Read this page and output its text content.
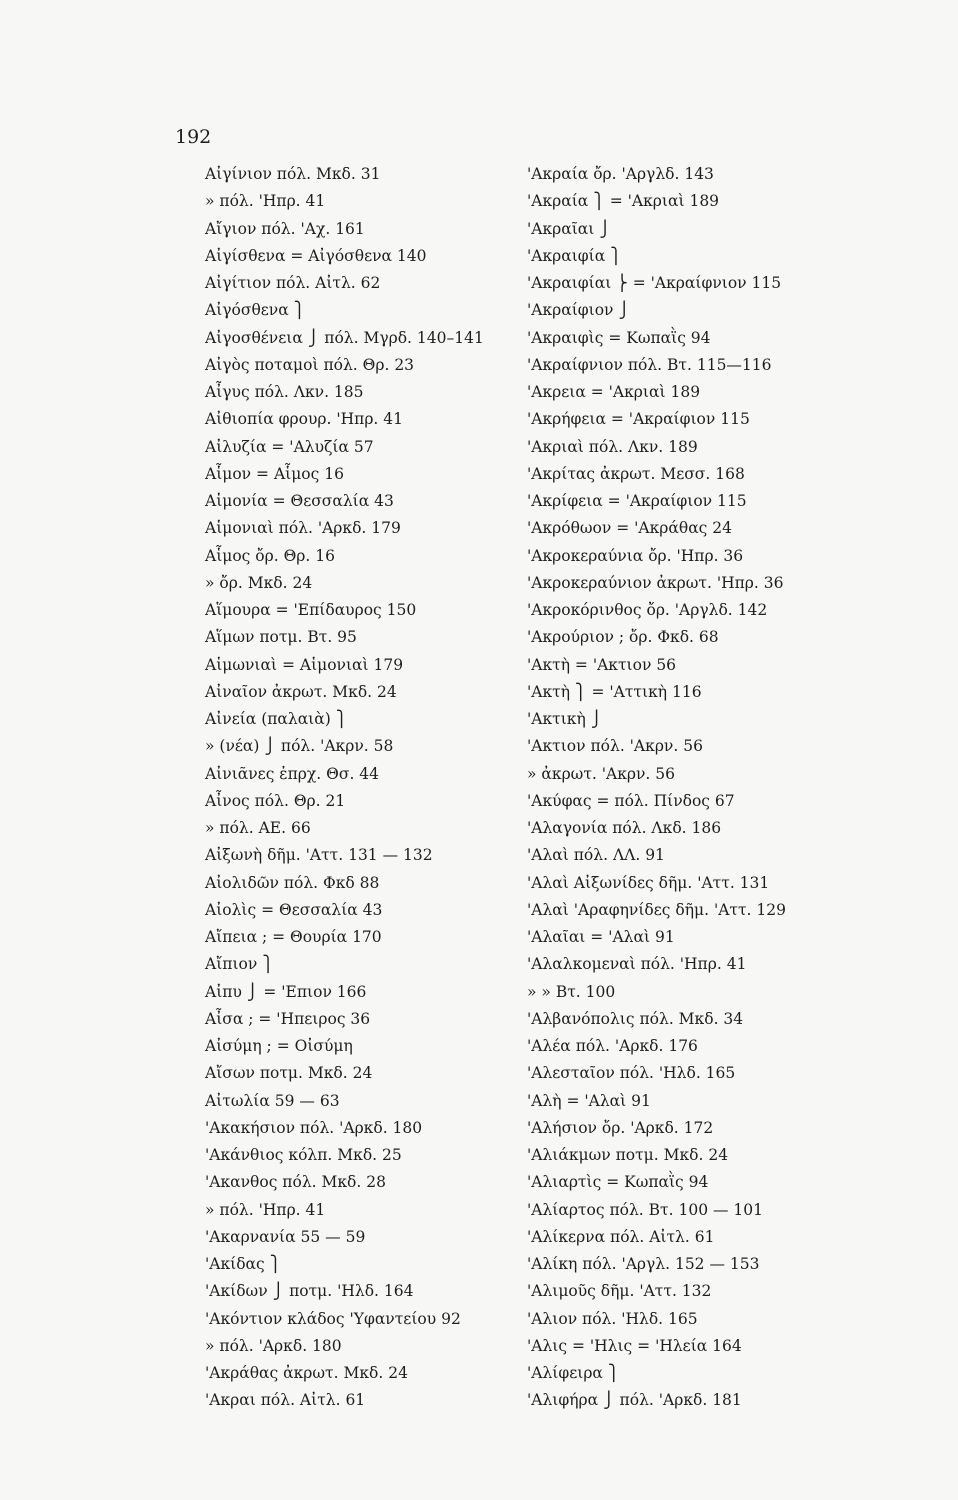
192
Αἰγίνιον πόλ. Μκδ. 31
» πόλ. 'Ηπρ. 41
Αἴγιον πόλ. 'Αχ. 161
Αἰγίσθενα = Αἰγόσθενα 140
Αἰγίτιον πόλ. Αἰτλ. 62
Αἰγόσθενα ⎫
Αἰγοσθένεια ⎭ πόλ. Μγρδ. 140–141
Αἰγὸς ποταμοὶ πόλ. Θρ. 23
Αἶγυς πόλ. Λκν. 185
Αἰθιοπία φρουρ. 'Ηπρ. 41
Αἰλυζία = 'Αλυζία 57
Αἷμον = Αἷμος 16
Αἱμονία = Θεσσαλία 43
Αἱμονιαὶ πόλ. 'Αρκδ. 179
Αἷμος ὄρ. Θρ. 16
» ὄρ. Μκδ. 24
Αἵμουρα = 'Επίδαυρος 150
Αἵμων ποτμ. Βτ. 95
Αἱμωνιαὶ = Αἱμονιαὶ 179
Αἰναῖον ἀκρωτ. Μκδ. 24
Αἰνεία (παλαιὰ) ⎫
» (νέα) ⎭ πόλ. 'Ακρν. 58
Αἰνιᾶνες ἐπρχ. Θσ. 44
Αἶνος πόλ. Θρ. 21
» πόλ. ΑΕ. 66
Αἰξωνὴ δῆμ. 'Αττ. 131 — 132
Αἰολιδῶν πόλ. Φκδ 88
Αἰολὶς = Θεσσαλία 43
Αἴπεια ; = Θουρία 170
Αἴπιον ⎫
Αἰπυ ⎭ = 'Επιον 166
Αἶσα ; = 'Ηπειρος 36
Αἰσύμη ; = Οἰσύμη
Αἴσων ποτμ. Μκδ. 24
Αἰτωλία 59 — 63
'Ακακήσιον πόλ. 'Αρκδ. 180
'Ακάνθιος κόλπ. Μκδ. 25
'Ακανθος πόλ. Μκδ. 28
» πόλ. 'Ηπρ. 41
'Ακαρνανία 55 — 59
'Ακίδας ⎫
'Ακίδων ⎭ ποτμ. 'Ηλδ. 164
'Ακόντιον κλάδος 'Υφαντείου 92
» πόλ. 'Αρκδ. 180
'Ακράθας ἀκρωτ. Μκδ. 24
'Ακραι πόλ. Αἰτλ. 61
'Ακραία ὄρ. 'Αργλδ. 143
'Ακραία ⎫ = 'Ακριαὶ 189
'Ακραῖαι ⎭
'Ακραιφία ⎫
'Ακραιφίαι ⎬ = 'Ακραίφνιον 115
'Ακραίφιον ⎭
'Ακραιφὶς = Κωπαῒς 94
'Ακραίφνιον πόλ. Βτ. 115—116
'Ακρεια = 'Ακριαὶ 189
'Ακρήφεια = 'Ακραίφιον 115
'Ακριαὶ πόλ. Λκν. 189
'Ακρίτας ἀκρωτ. Μεσσ. 168
'Ακρίφεια = 'Ακραίφιον 115
'Ακρόθωον = 'Ακράθας 24
'Ακροκεραύνια ὄρ. 'Ηπρ. 36
'Ακροκεραύνιον ἀκρωτ. 'Ηπρ. 36
'Ακροκόρινθος ὄρ. 'Αργλδ. 142
'Ακρούριον ; ὄρ. Φκδ. 68
'Ακτὴ = 'Ακτιον 56
'Ακτὴ ⎫ = 'Αττικὴ 116
'Ακτικὴ ⎭
'Ακτιον πόλ. 'Ακρν. 56
» ἀκρωτ. 'Ακρν. 56
'Ακύφας = πόλ. Πίνδος 67
'Αλαγονία πόλ. Λκδ. 186
'Αλαὶ πόλ. ΛΛ. 91
'Αλαὶ Αἰξωνίδες δῆμ. 'Αττ. 131
'Αλαὶ 'Αραφηνίδες δῆμ. 'Αττ. 129
'Αλαῖαι = 'Αλαὶ 91
'Αλαλκομεναὶ πόλ. 'Ηπρ. 41
» » Βτ. 100
'Αλβανόπολις πόλ. Μκδ. 34
'Αλέα πόλ. 'Αρκδ. 176
'Αλεσταῖον πόλ. 'Ηλδ. 165
'Αλὴ = 'Αλαὶ 91
'Αλήσιον ὄρ. 'Αρκδ. 172
'Αλιάκμων ποτμ. Μκδ. 24
'Αλιαρτὶς = Κωπαῒς 94
'Αλίαρτος πόλ. Βτ. 100 — 101
'Αλίκερνα πόλ. Αἰτλ. 61
'Αλίκη πόλ. 'Αργλ. 152 — 153
'Αλιμοῦς δῆμ. 'Αττ. 132
'Αλιον πόλ. 'Ηλδ. 165
'Αλις = 'Ηλις = 'Ηλεία 164
'Αλίφειρα ⎫
'Αλιφήρα ⎭ πόλ. 'Αρκδ. 181
